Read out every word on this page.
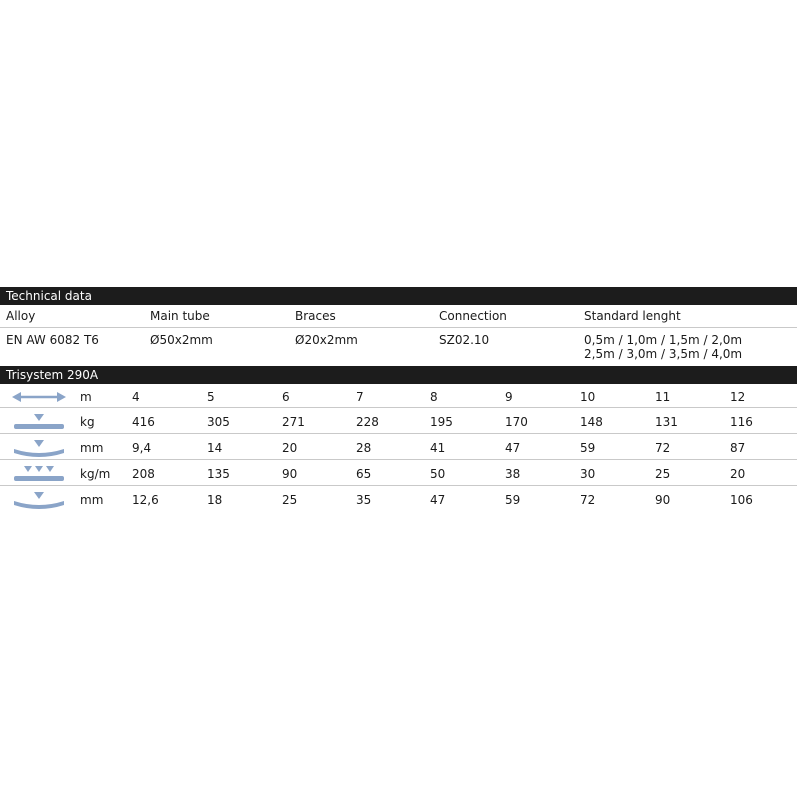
Technical data
Alloy	Main tube	Braces	Connection	Standard lenght
EN AW 6082 T6	Ø50x2mm	Ø20x2mm	SZ02.10	0,5m / 1,0m / 1,5m / 2,0m
2,5m / 3,0m / 3,5m / 4,0m
Trisystem 290A
m	4	5	6	7	8	9	10	11	12
kg	416	305	271	228	195	170	148	131	116
mm 9,4	14	20	28	41	47	59	72	87
kg/m 208	135	90	65	50	38	30	25	20
mm 12,6	18	25	35	47	59	72	90	106
